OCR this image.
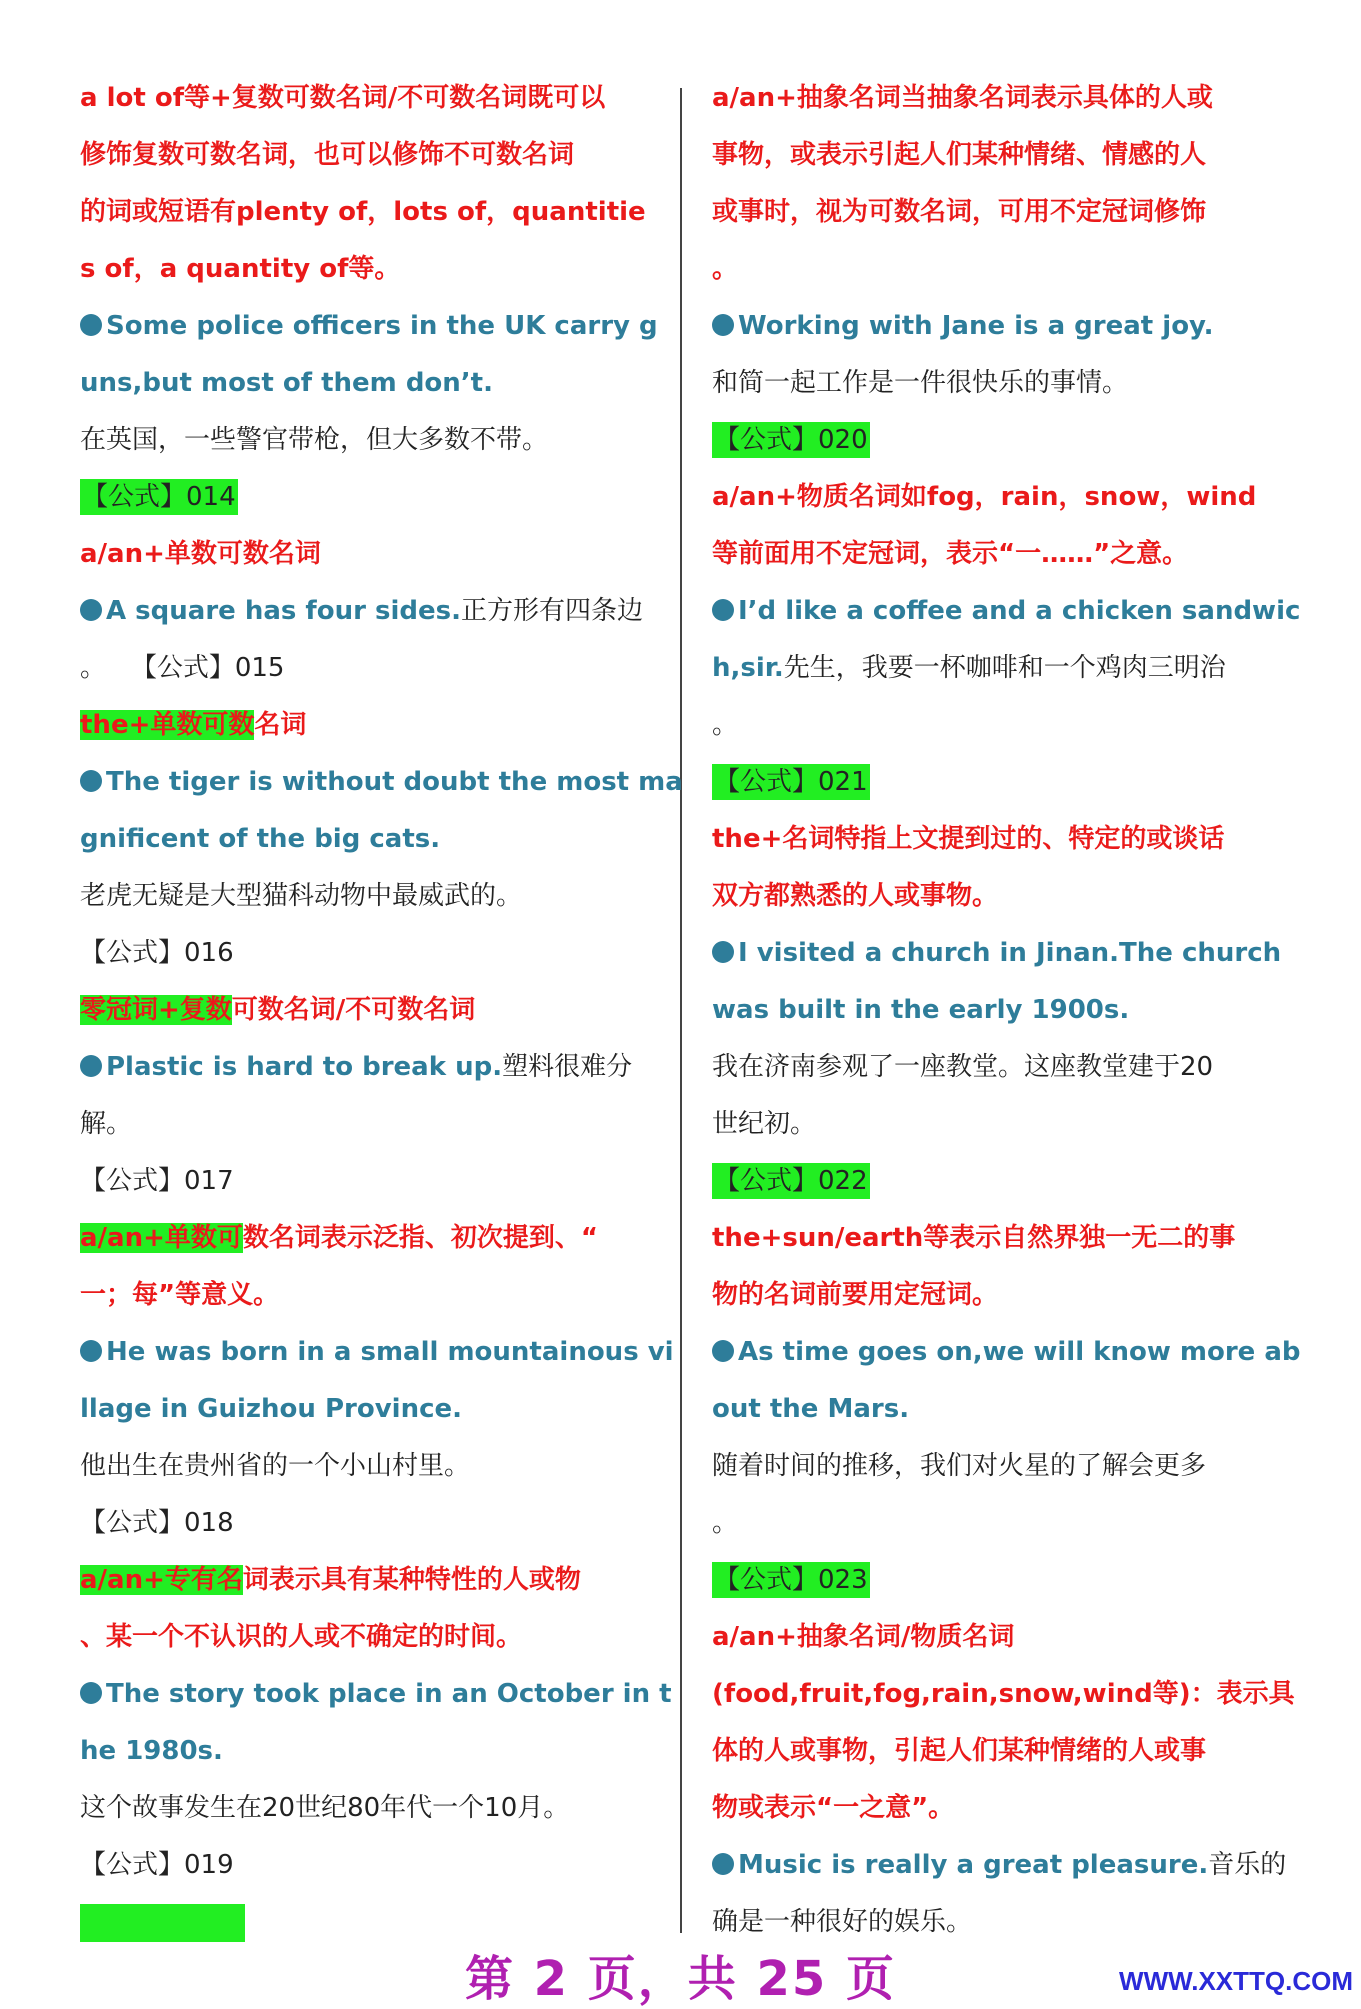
a lot of等+复数可数名词/不可数名词既可以
修饰复数可数名词，也可以修饰不可数名词
的词或短语有plenty of，lots of，quantitie
s of，a quantity of等。
Some police officers in the UK carry g
uns,but most of them don’t.
在英国，一些警官带枪，但大多数不带。
【公式】014
a/an+单数可数名词
A square has four sides.正方形有四条边
。 【公式】015
the+单数可数名词
The tiger is without doubt the most ma
gnificent of the big cats.
老虎无疑是大型猫科动物中最威武的。
【公式】016
零冠词+复数可数名词/不可数名词
Plastic is hard to break up.塑料很难分
解。
【公式】017
a/an+单数可数名词表示泛指、初次提到、“
一；每”等意义。
He was born in a small mountainous vi
llage in Guizhou Province.
他出生在贵州省的一个小山村里。
【公式】018
a/an+专有名词表示具有某种特性的人或物
、某一个不认识的人或不确定的时间。
The story took place in an October in t
he 1980s.
这个故事发生在20世纪80年代一个10月。
【公式】019
a/an+抽象名词当抽象名词表示具体的人或
事物，或表示引起人们某种情绪、情感的人
或事时，视为可数名词，可用不定冠词修饰
。
Working with Jane is a great joy.
和简一起工作是一件很快乐的事情。
【公式】020
a/an+物质名词如fog，rain，snow，wind
等前面用不定冠词，表示“一……”之意。
I’d like a coffee and a chicken sandwic
h,sir.先生，我要一杯咖啡和一个鸡肉三明治
。
【公式】021
the+名词特指上文提到过的、特定的或谈话
双方都熟悉的人或事物。
I visited a church in Jinan.The church
was built in the early 1900s.
我在济南参观了一座教堂。这座教堂建于20
世纪初。
【公式】022
the+sun/earth等表示自然界独一无二的事
物的名词前要用定冠词。
As time goes on,we will know more ab
out the Mars.
随着时间的推移，我们对火星的了解会更多
。
【公式】023
a/an+抽象名词/物质名词
(food,fruit,fog,rain,snow,wind等)：表示具
体的人或事物，引起人们某种情绪的人或事
物或表示“一之意”。
Music is really a great pleasure.音乐的
确是一种很好的娱乐。
第 2 页，共 25 页	WWW.XXTTQ.COM
